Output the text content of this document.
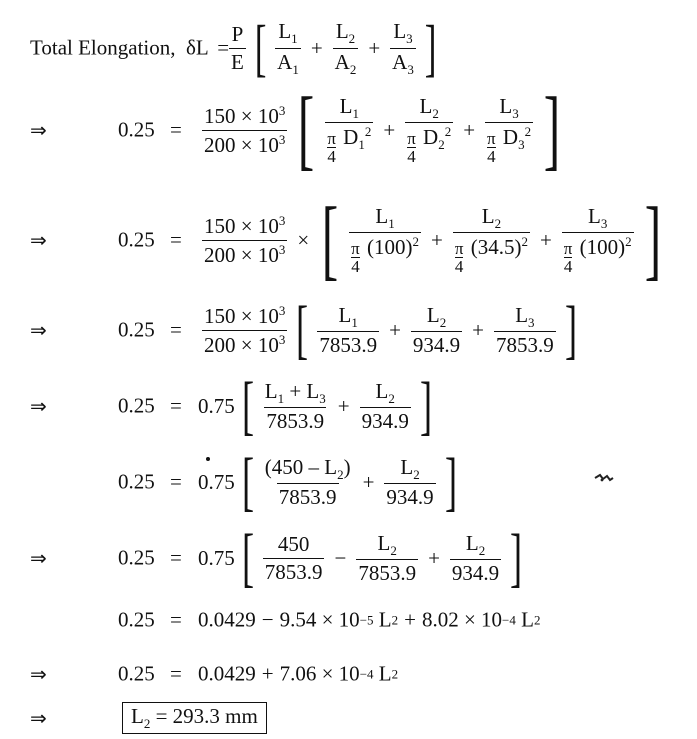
Total Elongation, $\delta L = \frac{P}{E}$ [ $\frac{L_1}{A_1} + \frac{L_2}{A_2} + \frac{L_3}{A_3}$ ]
⇒	$0.25 = \frac{150 \times 10^3}{200 \times 10^3}$ [ $\frac{L_1}{\frac{\pi}{4} D_1^2} + \frac{L_2}{\frac{\pi}{4} D_2^2} + \frac{L_3}{\frac{\pi}{4} D_3^2}$ ]
⇒	$0.25 = \frac{150 \times 10^3}{200 \times 10^3}$ × [ $\frac{L_1}{\frac{\pi}{4} (100)^2} + \frac{L_2}{\frac{\pi}{4} (34.5)^2} + \frac{L_3}{\frac{\pi}{4} (100)^2}$ ]
⇒	$0.25 = \frac{150 \times 10^3}{200 \times 10^3}$ [ $\frac{L_1}{7853.9} + \frac{L_2}{934.9} + \frac{L_3}{7853.9}$ ]
⇒	0.25 = 0.75 [ $\frac{L_1 + L_3}{7853.9} + \frac{L_2}{934.9}$ ]
0.25 = 0.75 [ $\frac{(450 - L_2)}{7853.9} + \frac{L_2}{934.9}$ ]
⇒	0.25 = 0.75 [ $\frac{450}{7853.9} - \frac{L_2}{7853.9} + \frac{L_2}{934.9}$ ]
0.25 = 0.0429 − 9.54 × 10 −5
L 2 + 8.02 × 10 −4
L 2
⇒	0.25 = 0.0429 + 7.06 × 10 −4
L 2
⇒	$L_2 = 293.3$ mm
